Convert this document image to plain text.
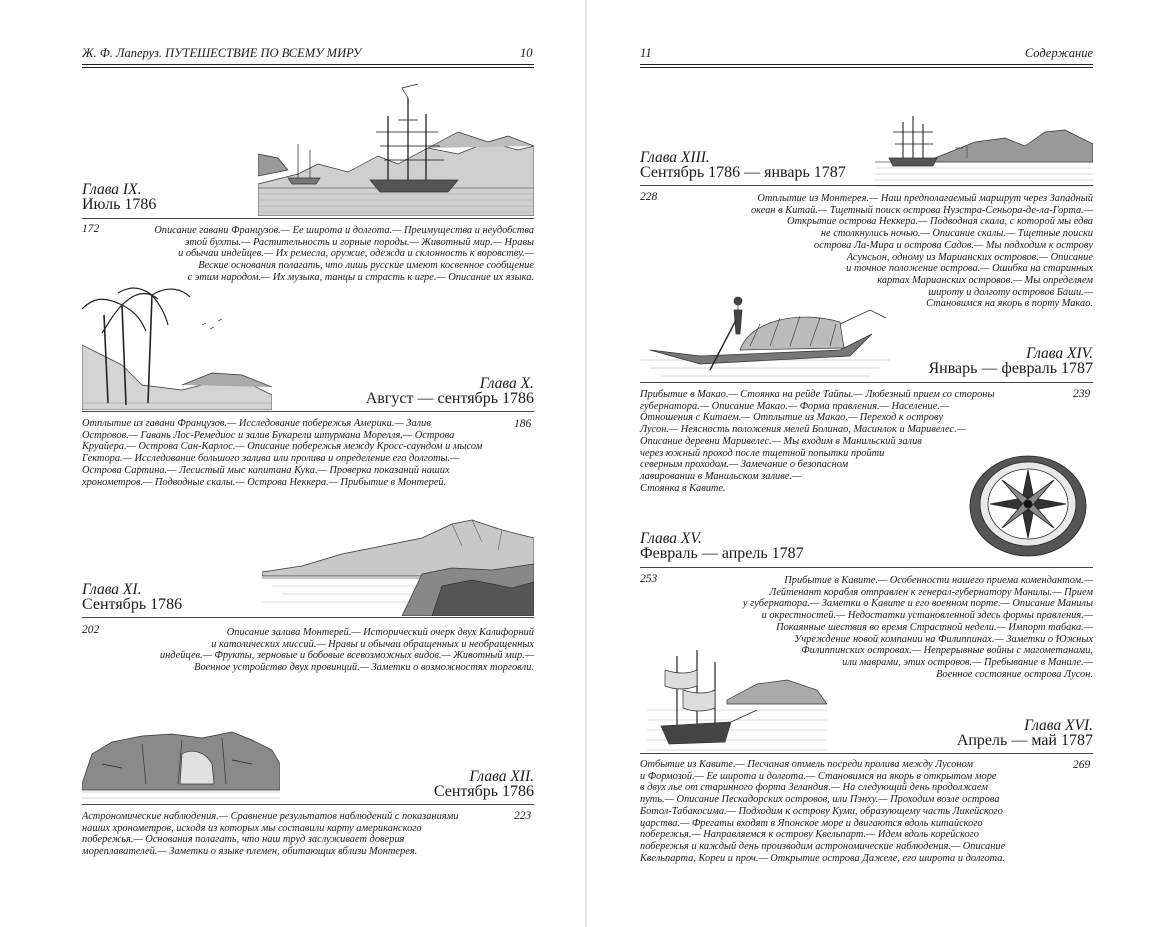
Ж. Ф. Лаперуз. ПУТЕШЕСТВИЕ ПО ВСЕМУ МИРУ	10
Глава IX.
Июль 1786
172	Описание гавани Французов.— Ее широта и долгота.— Преимущества и неудобства
этой бухты.— Растительность и горные породы.— Животный мир.— Нравы
и обычаи индейцев.— Их ремесла, оружие, одежда и склонность к воровству.—
Веские основания полагать, что лишь русские имеют косвенное сообщение
с этим народом.— Их музыка, танцы и страсть к игре.— Описание их языка.
Глава X.
Август — сентябрь 1786
186
Отплытие из гавани Французов.— Исследование побережья Америки.— Залив
Островов.— Гавань Лос-Ремедиос и залив Букарели штурмана Морелля.— Острова
Круайера.— Острова Сан-Карлос.— Описание побережья между Кросс-саундом и мысом
Гектора.— Исследование большого залива или пролива и определение его долготы.—
Острова Сартина.— Лесистый мыс капитана Кука.— Проверка показаний наших
хронометров.— Подводные скалы.— Острова Неккера.— Прибытие в Монтерей.
Глава XI.
Сентябрь 1786
202	Описание залива Монтерей.— Исторический очерк двух Калифорний
и католических миссий.— Нравы и обычаи обращенных и необращенных
индейцев.— Фрукты, зерновые и бобовые всевозможных видов.— Животный мир.—
Военное устройство двух провинций.— Заметки о возможностях торговли.
Глава XII.
Сентябрь 1786
223
Астрономические наблюдения.— Сравнение результатов наблюдений с показаниями
наших хронометров, исходя из которых мы составили карту американского
побережья.— Основания полагать, что наш труд заслуживает доверия
мореплавателей.— Заметки о языке племен, обитающих вблизи Монтерея.
11	Содержание
Глава XIII.
Сентябрь 1786 — январь 1787
228	Отплытие из Монтерея.— Наш предполагаемый маршрут через Западный
океан в Китай.— Тщетный поиск острова Нуэстра-Сеньора-де-ла-Горта.—
Открытие острова Неккера.— Подводная скала, с которой мы едва
не столкнулись ночью.— Описание скалы.— Тщетные поиски
острова Ла-Мира и острова Садов.— Мы подходим к острову
Асунсьон, одному из Марианских островов.— Описание
и точное положение острова.— Ошибка на старинных
картах Марианских островов.— Мы определяем
широту и долготу островов Баши.—
Становимся на якорь в порту Макао.
Глава XIV.
Январь — февраль 1787
239
Прибытие в Макао.— Стоянка на рейде Тайпы.— Любезный прием со стороны
губернатора.— Описание Макао.— Форма правления.— Население.—
Отношения с Китаем.— Отплытие из Макао.— Переход к острову
Лусон.— Неясность положения мелей Болинао, Масинлок и Маривелес.—
Описание деревни Маривелес.— Мы входим в Манильский залив
через южный проход после тщетной попытки пройти
северным проходом.— Замечание о безопасном
лавировании в Манильском заливе.—
Стоянка в Кавите.
Глава XV.
Февраль — апрель 1787
253	Прибытие в Кавите.— Особенности нашего приема комендантом.—
Лейтенант корабля отправлен к генерал-губернатору Манилы.— Прием
у губернатора.— Заметки о Кавите и его военном порте.— Описание Манилы
и окрестностей.— Недостатки установленной здесь формы правления.—
Покаянные шествия во время Страстной недели.— Импорт табака.—
Учреждение новой компании на Филиппинах.— Заметки о Южных
Филиппинских островах.— Непрерывные войны с магометанами,
или маврами, этих островов.— Пребывание в Маниле.—
Военное состояние острова Лусон.
Глава XVI.
Апрель — май 1787
269
Отбытие из Кавите.— Песчаная отмель посреди пролива между Лусоном
и Формозой.— Ее широта и долгота.— Становимся на якорь в открытом море
в двух лье от старинного форта Зеландия.— На следующий день продолжаем
путь.— Описание Пескадорских островов, или Пэнху.— Проходим возле острова
Ботол-Табакосима.— Подходим к острову Куми, образующему часть Ликейского
царства.— Фрегаты входят в Японское море и двигаются вдоль китайского
побережья.— Направляемся к острову Квельпарт.— Идем вдоль корейского
побережья и каждый день производим астрономические наблюдения.— Описание
Квельпарта, Кореи и проч.— Открытие острова Дажеле, его широта и долгота.
